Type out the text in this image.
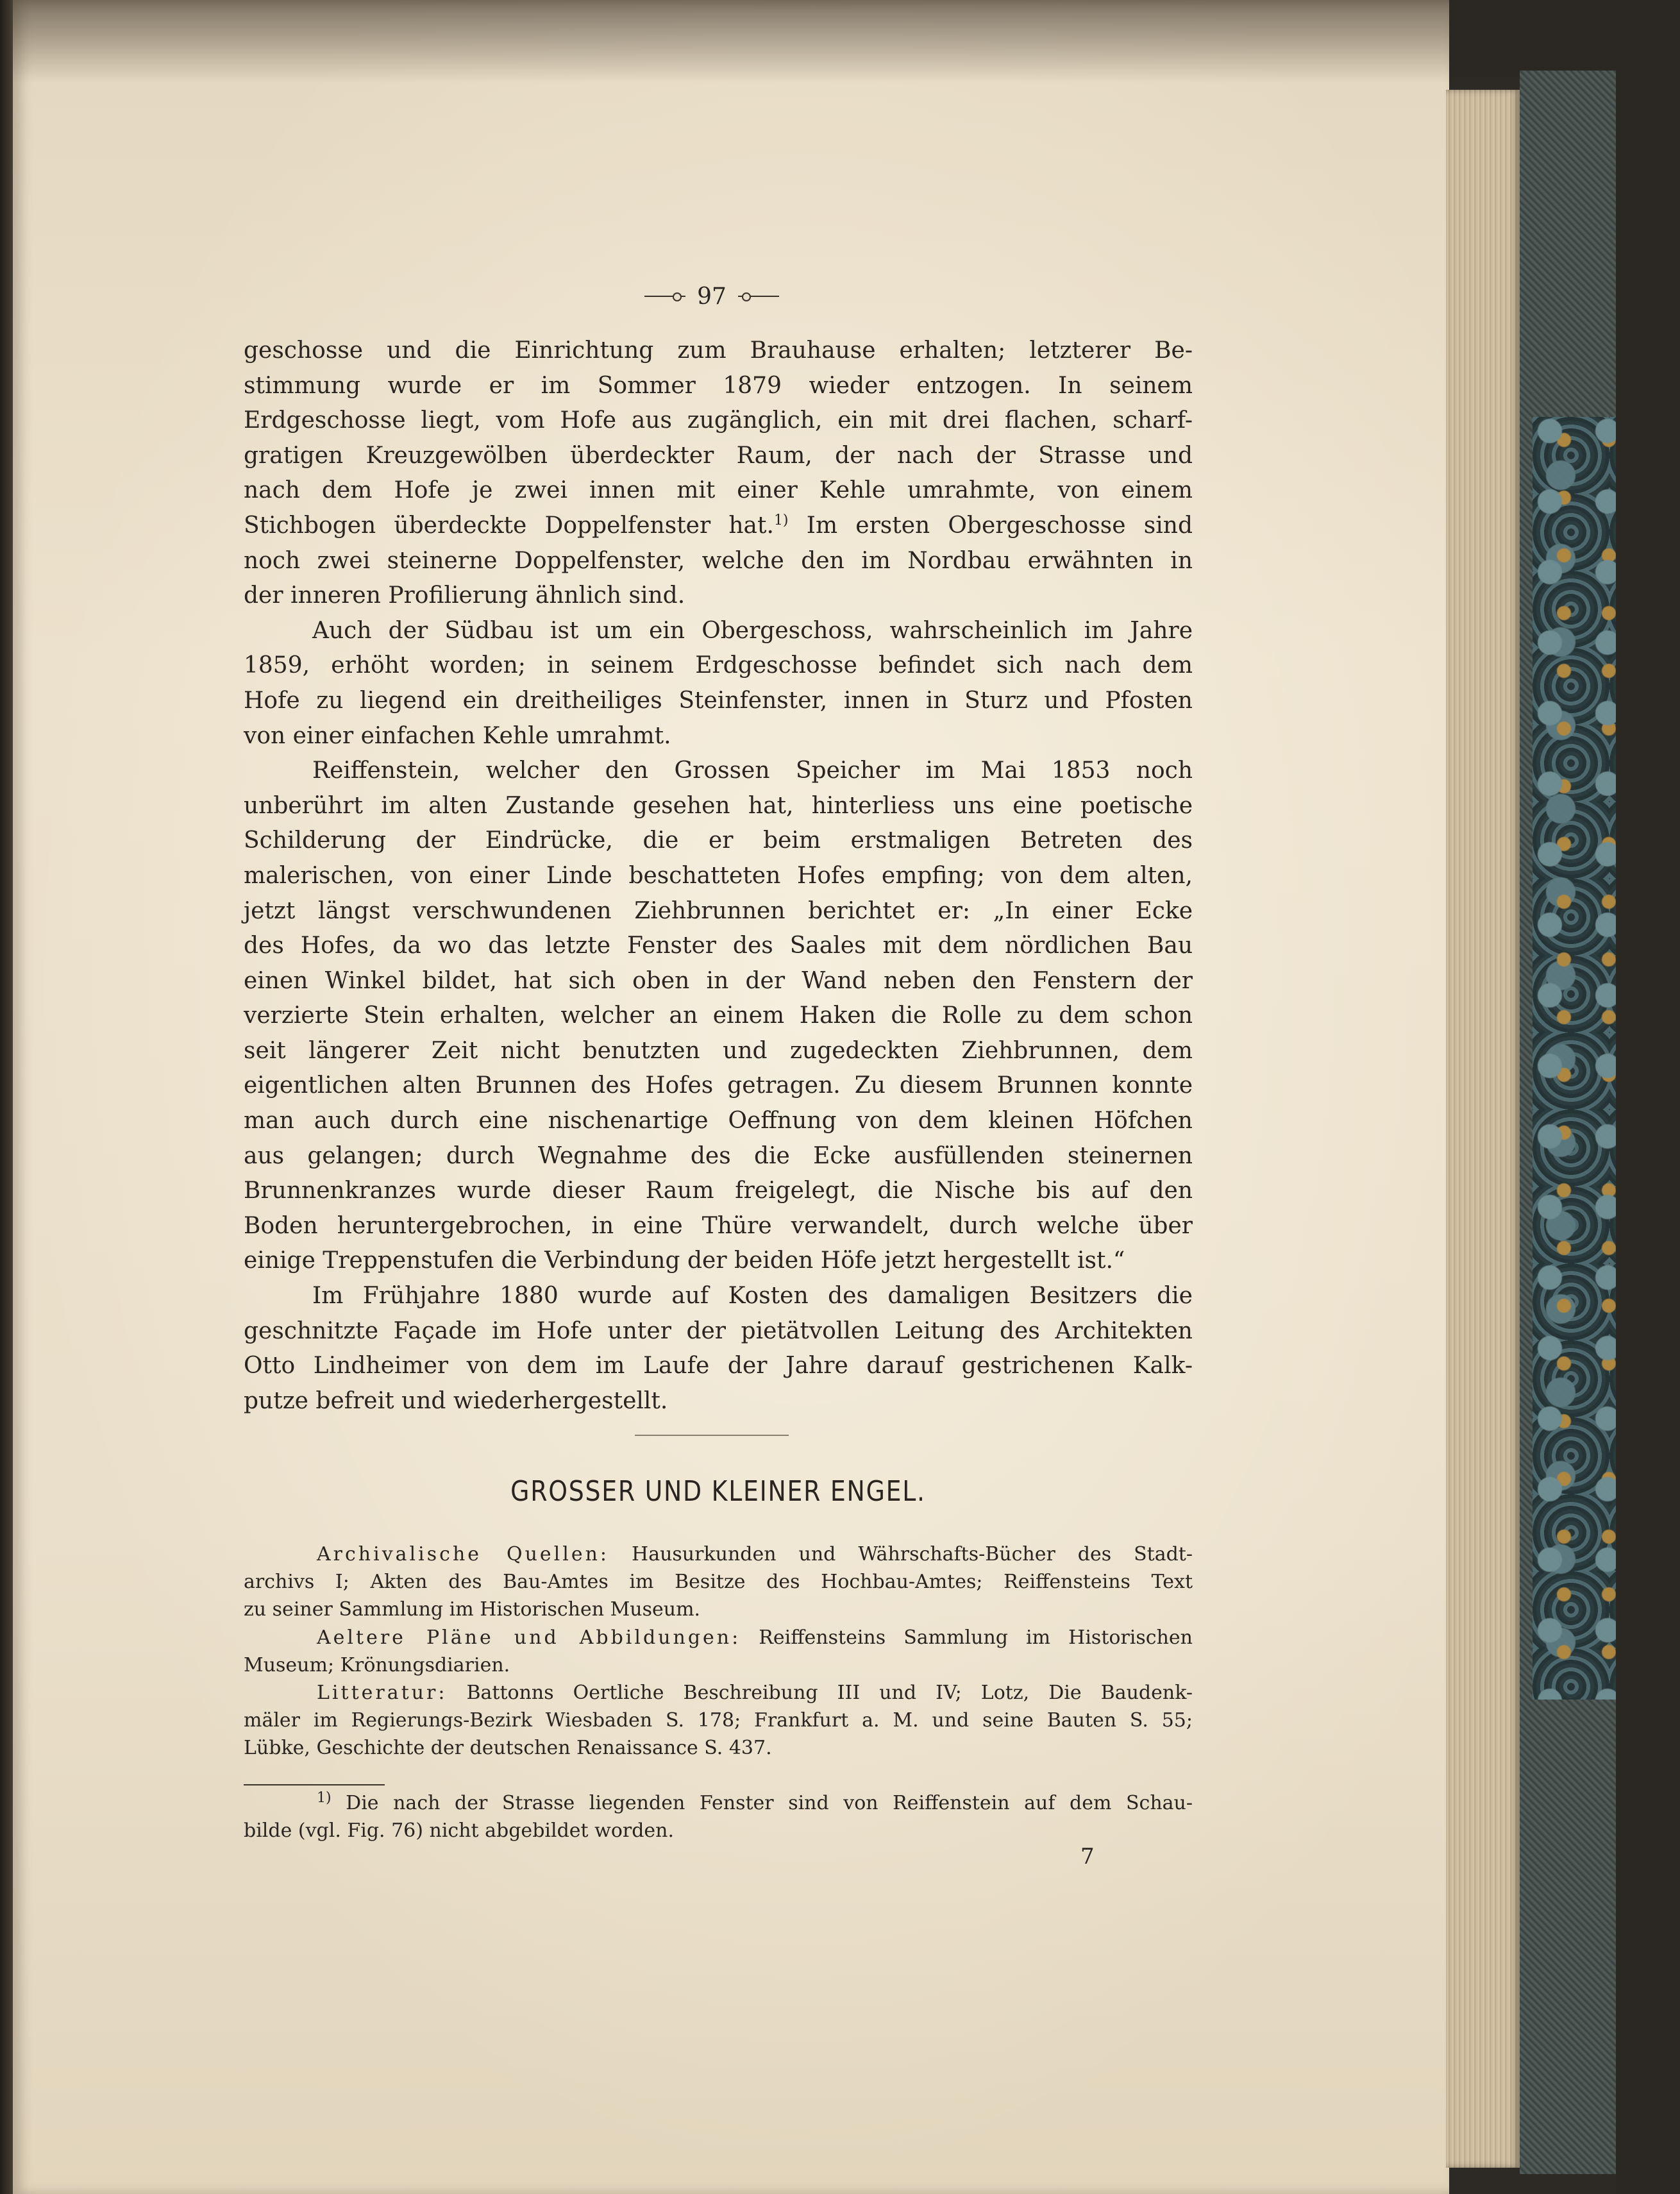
97
geschosse und die Einrichtung zum Brauhause erhalten; letzterer Be-
stimmung wurde er im Sommer 1879 wieder entzogen. In seinem
Erdgeschosse liegt, vom Hofe aus zugänglich, ein mit drei flachen, scharf-
gratigen Kreuzgewölben überdeckter Raum, der nach der Strasse und
nach dem Hofe je zwei innen mit einer Kehle umrahmte, von einem
Stichbogen überdeckte Doppelfenster hat.$^{1)}$ Im ersten Obergeschosse sind
noch zwei steinerne Doppelfenster, welche den im Nordbau erwähnten in
der inneren Profilierung ähnlich sind.
Auch der Südbau ist um ein Obergeschoss, wahrscheinlich im Jahre
1859, erhöht worden; in seinem Erdgeschosse befindet sich nach dem
Hofe zu liegend ein dreitheiliges Steinfenster, innen in Sturz und Pfosten
von einer einfachen Kehle umrahmt.
Reiffenstein, welcher den Grossen Speicher im Mai 1853 noch
unberührt im alten Zustande gesehen hat, hinterliess uns eine poetische
Schilderung der Eindrücke, die er beim erstmaligen Betreten des
malerischen, von einer Linde beschatteten Hofes empfing; von dem alten,
jetzt längst verschwundenen Ziehbrunnen berichtet er: „In einer Ecke
des Hofes, da wo das letzte Fenster des Saales mit dem nördlichen Bau
einen Winkel bildet, hat sich oben in der Wand neben den Fenstern der
verzierte Stein erhalten, welcher an einem Haken die Rolle zu dem schon
seit längerer Zeit nicht benutzten und zugedeckten Ziehbrunnen, dem
eigentlichen alten Brunnen des Hofes getragen. Zu diesem Brunnen konnte
man auch durch eine nischenartige Oeffnung von dem kleinen Höfchen
aus gelangen; durch Wegnahme des die Ecke ausfüllenden steinernen
Brunnenkranzes wurde dieser Raum freigelegt, die Nische bis auf den
Boden heruntergebrochen, in eine Thüre verwandelt, durch welche über
einige Treppenstufen die Verbindung der beiden Höfe jetzt hergestellt ist.“
Im Frühjahre 1880 wurde auf Kosten des damaligen Besitzers die
geschnitzte Façade im Hofe unter der pietätvollen Leitung des Architekten
Otto Lindheimer von dem im Laufe der Jahre darauf gestrichenen Kalk-
putze befreit und wiederhergestellt.
GROSSER UND KLEINER ENGEL.
Archivalische Quellen: Hausurkunden und Währschafts-Bücher des Stadt-
archivs I; Akten des Bau-Amtes im Besitze des Hochbau-Amtes; Reiffensteins Text
zu seiner Sammlung im Historischen Museum.
Aeltere Pläne und Abbildungen: Reiffensteins Sammlung im Historischen
Museum; Krönungsdiarien.
Litteratur: Battonns Oertliche Beschreibung III und IV; Lotz, Die Baudenk-
mäler im Regierungs-Bezirk Wiesbaden S. 178; Frankfurt a. M. und seine Bauten S. 55;
Lübke, Geschichte der deutschen Renaissance S. 437.
$^{1)}$ Die nach der Strasse liegenden Fenster sind von Reiffenstein auf dem Schau-
bilde (vgl. Fig. 76) nicht abgebildet worden.
7
